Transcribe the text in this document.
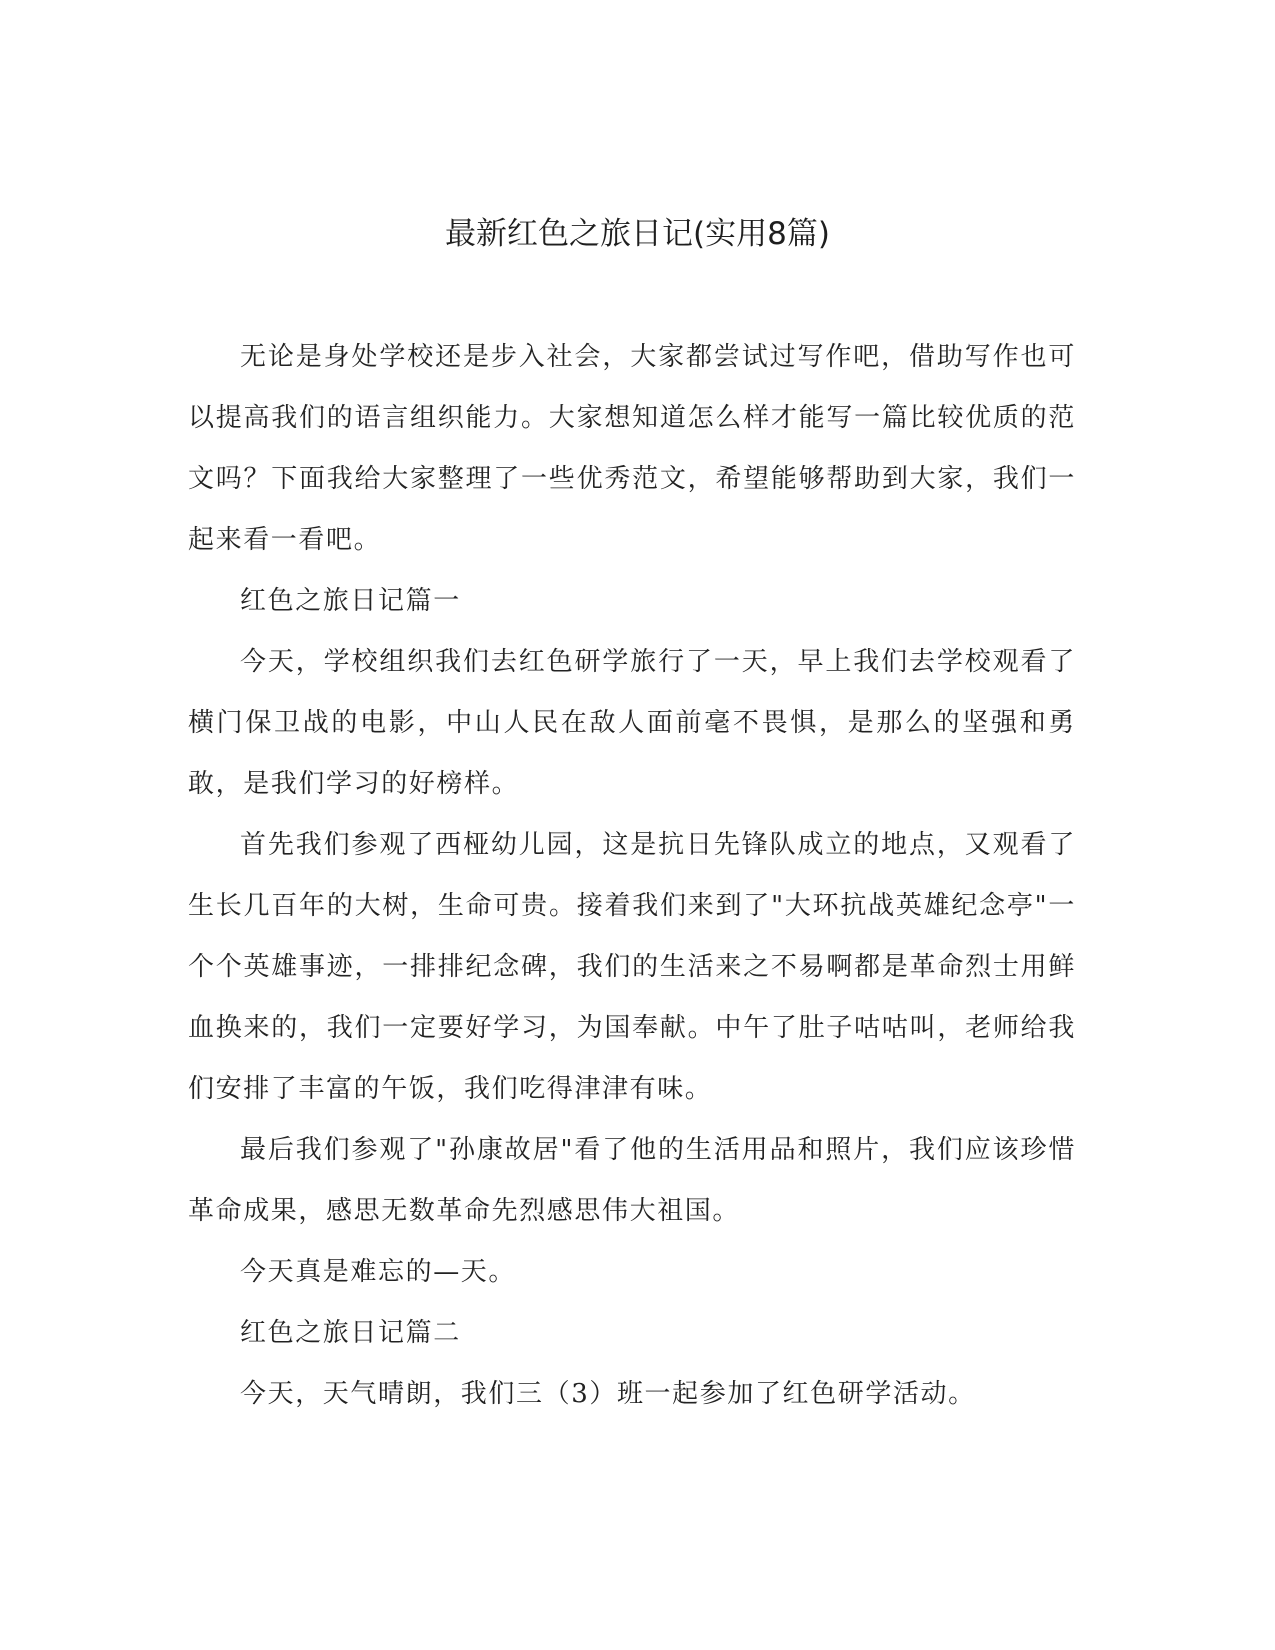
最新红色之旅日记(实用8篇)

无论是身处学校还是步入社会，大家都尝试过写作吧，借助写作也可以提高我们的语言组织能力。大家想知道怎么样才能写一篇比较优质的范文吗？下面我给大家整理了一些优秀范文，希望能够帮助到大家，我们一起来看一看吧。

红色之旅日记篇一

今天，学校组织我们去红色研学旅行了一天，早上我们去学校观看了横门保卫战的电影，中山人民在敌人面前毫不畏惧，是那么的坚强和勇敢，是我们学习的好榜样。

首先我们参观了西桠幼儿园，这是抗日先锋队成立的地点，又观看了生长几百年的大树，生命可贵。接着我们来到了"大环抗战英雄纪念亭"一个个英雄事迹，一排排纪念碑，我们的生活来之不易啊都是革命烈士用鲜血换来的，我们一定要好学习，为国奉献。中午了肚子咕咕叫，老师给我们安排了丰富的午饭，我们吃得津津有味。

最后我们参观了"孙康故居"看了他的生活用品和照片，我们应该珍惜革命成果，感思无数革命先烈感思伟大祖国。

今天真是难忘的—天。

红色之旅日记篇二

今天，天气晴朗，我们三（3）班一起参加了红色研学活动。
